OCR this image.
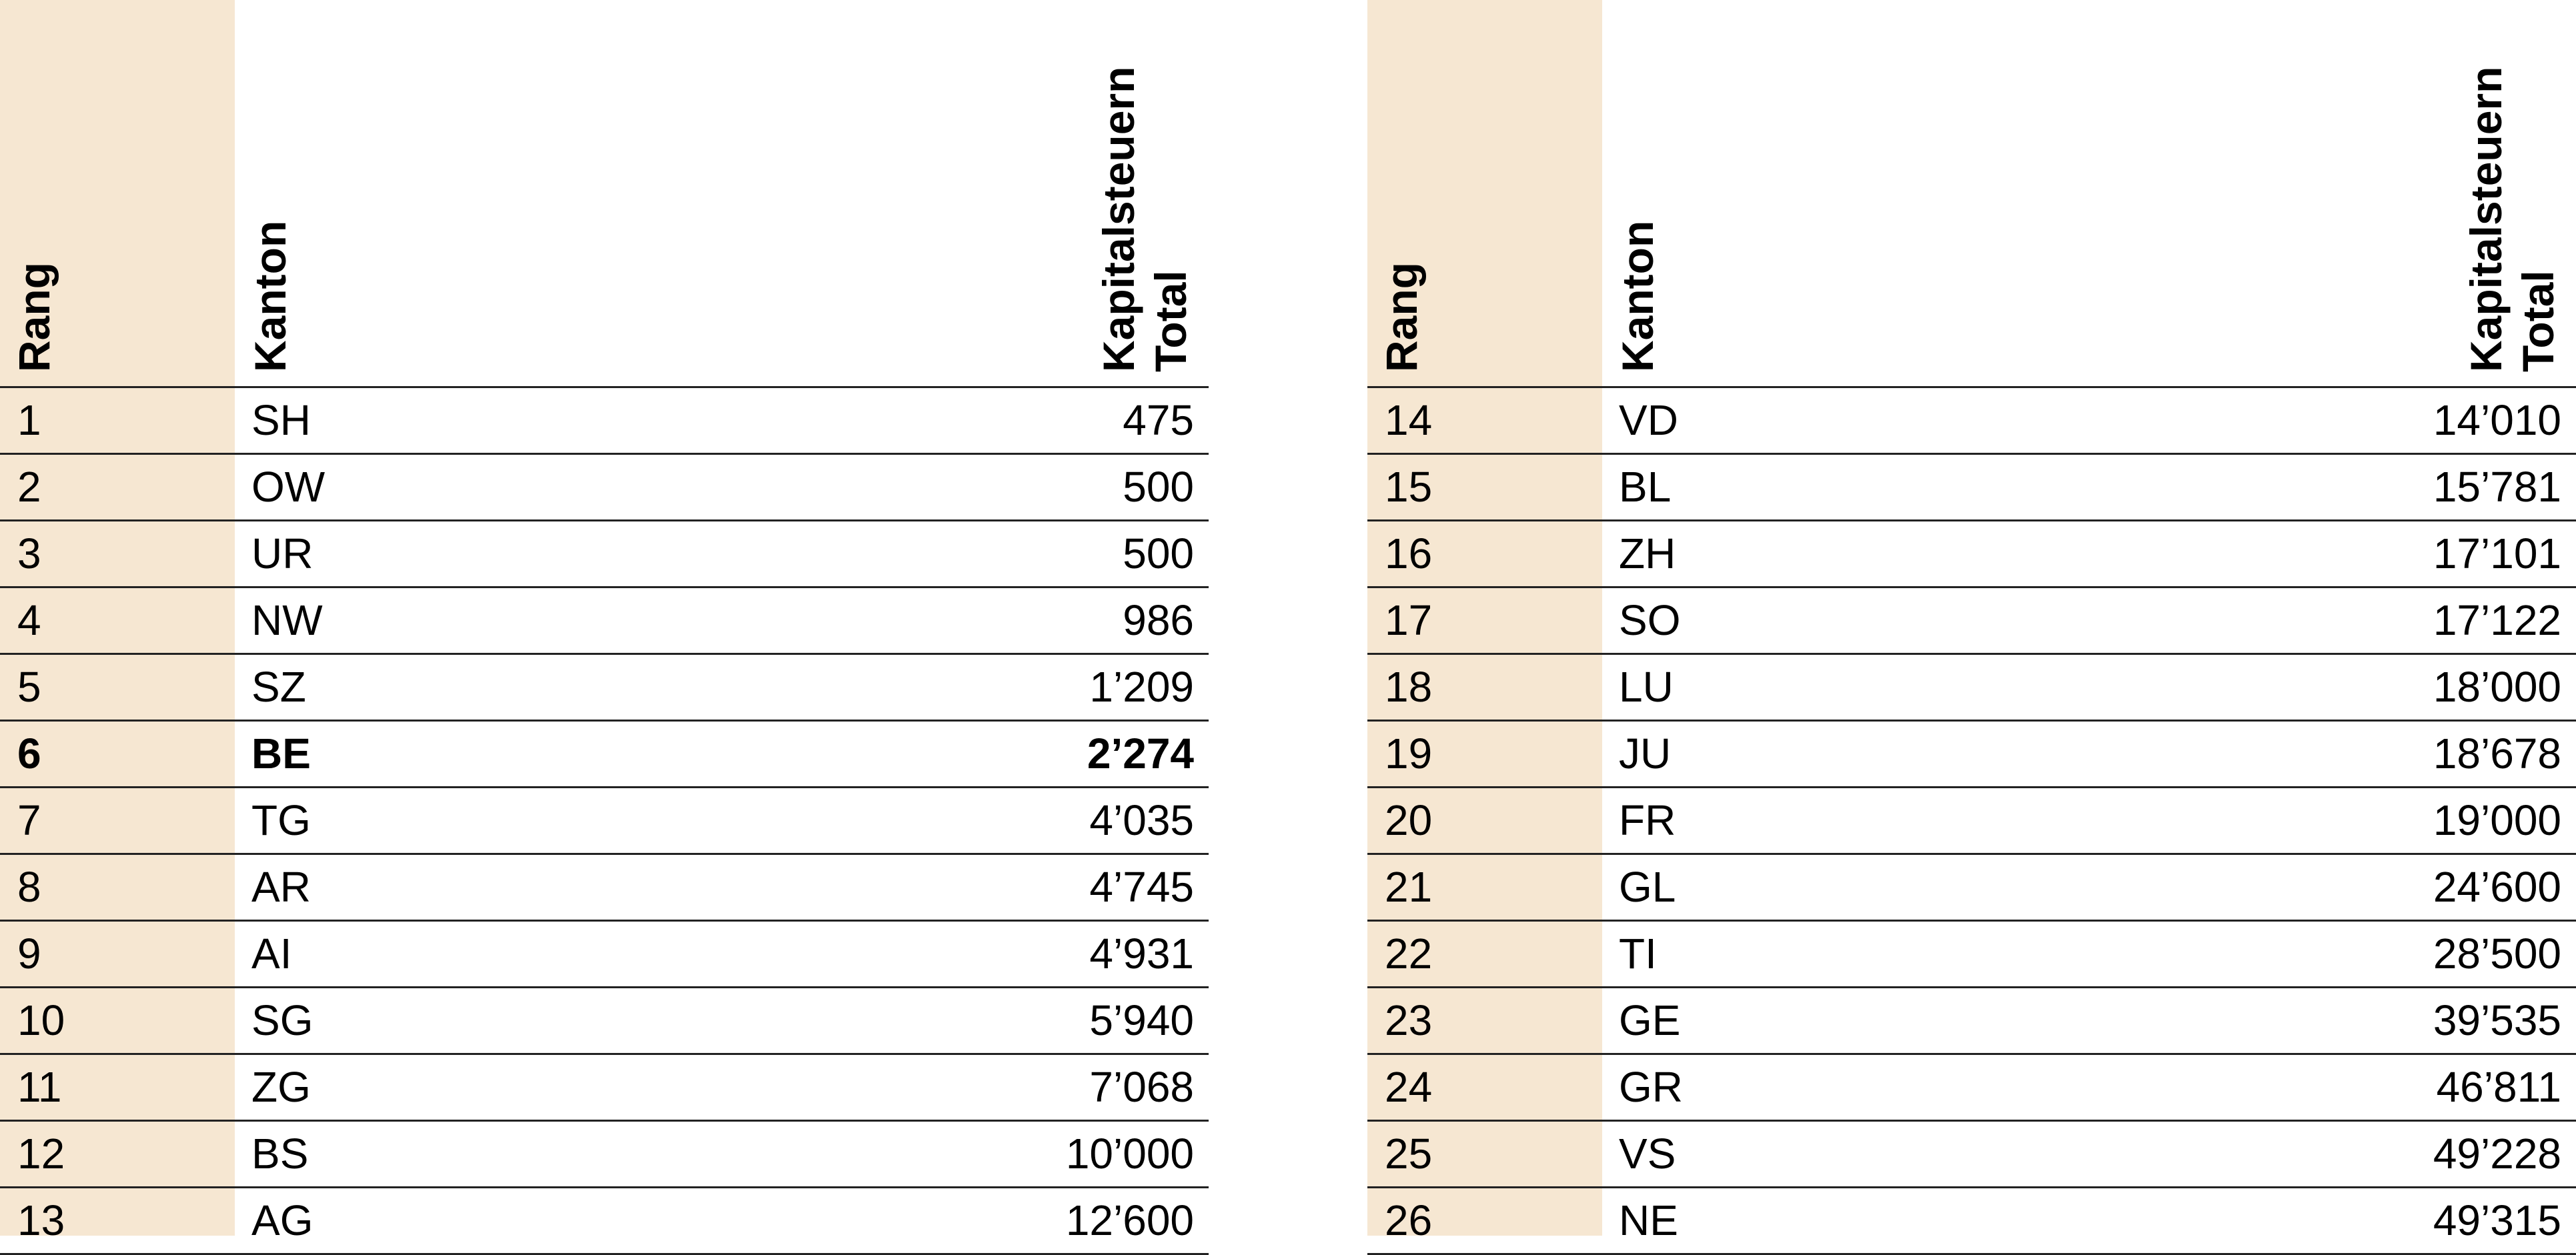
Rang	Kanton	Kapitalsteuern Total
1	SH	475
2	OW	500
3	UR	500
4	NW	986
5	SZ	1’209
6	BE	2’274
7	TG	4’035
8	AR	4’745
9	AI	4’931
10	SG	5’940
11	ZG	7’068
12	BS	10’000
13	AG	12’600
Rang	Kanton	Kapitalsteuern Total
14	VD	14’010
15	BL	15’781
16	ZH	17’101
17	SO	17’122
18	LU	18’000
19	JU	18’678
20	FR	19’000
21	GL	24’600
22	TI	28’500
23	GE	39’535
24	GR	46’811
25	VS	49’228
26	NE	49’315
